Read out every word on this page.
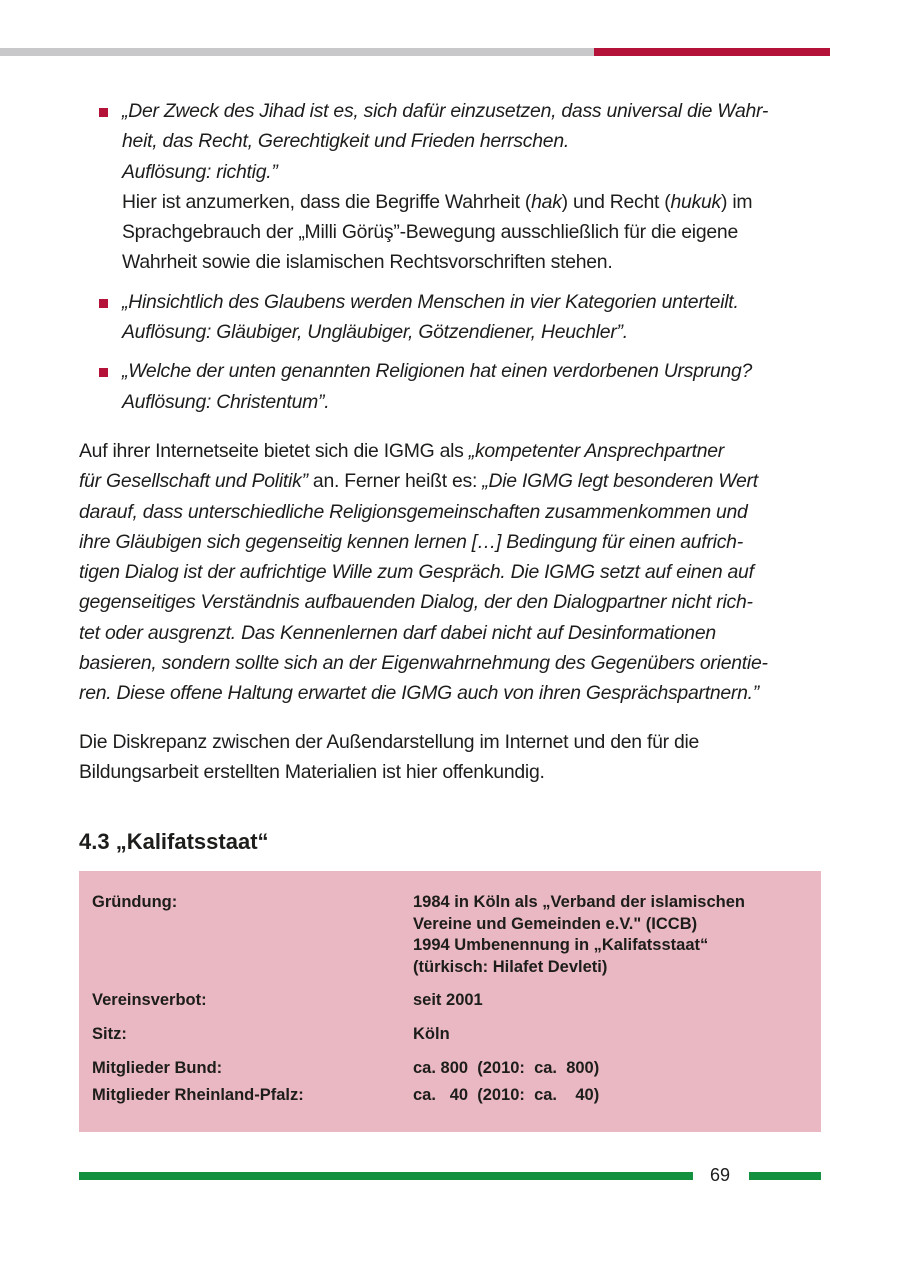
„Der Zweck des Jihad ist es, sich dafür einzusetzen, dass universal die Wahr-
heit, das Recht, Gerechtigkeit und Frieden herrschen.
Auflösung: richtig.”
Hier ist anzumerken, dass die Begriffe Wahrheit (hak) und Recht (hukuk) im
Sprachgebrauch der „Milli Görüş”-Bewegung ausschließlich für die eigene
Wahrheit sowie die islamischen Rechtsvorschriften stehen.
„Hinsichtlich des Glaubens werden Menschen in vier Kategorien unterteilt.
Auflösung: Gläubiger, Ungläubiger, Götzendiener, Heuchler”.
„Welche der unten genannten Religionen hat einen verdorbenen Ursprung?
Auflösung: Christentum”.
Auf ihrer Internetseite bietet sich die IGMG als „kompetenter Ansprechpartner
für Gesellschaft und Politik” an. Ferner heißt es: „Die IGMG legt besonderen Wert
darauf, dass unterschiedliche Religionsgemeinschaften zusammenkommen und
ihre Gläubigen sich gegenseitig kennen lernen […] Bedingung für einen aufrich-
tigen Dialog ist der aufrichtige Wille zum Gespräch. Die IGMG setzt auf einen auf
gegenseitiges Verständnis aufbauenden Dialog, der den Dialogpartner nicht rich-
tet oder ausgrenzt. Das Kennenlernen darf dabei nicht auf Desinformationen
basieren, sondern sollte sich an der Eigenwahrnehmung des Gegenübers orientie-
ren. Diese offene Haltung erwartet die IGMG auch von ihren Gesprächspartnern.”
Die Diskrepanz zwischen der Außendarstellung im Internet und den für die
Bildungsarbeit erstellten Materialien ist hier offenkundig.
4.3 „Kalifatsstaat“
Gründung:	1984 in Köln als „Verband der islamischen
Vereine und Gemeinden e.V." (ICCB)
1994 Umbenennung in „Kalifatsstaat“
(türkisch: Hilafet Devleti)
Vereinsverbot:	seit 2001
Sitz:	Köln
Mitglieder Bund:	ca. 800  (2010:  ca.  800)
Mitglieder Rheinland-Pfalz:	ca.   40  (2010:  ca.    40)
69
